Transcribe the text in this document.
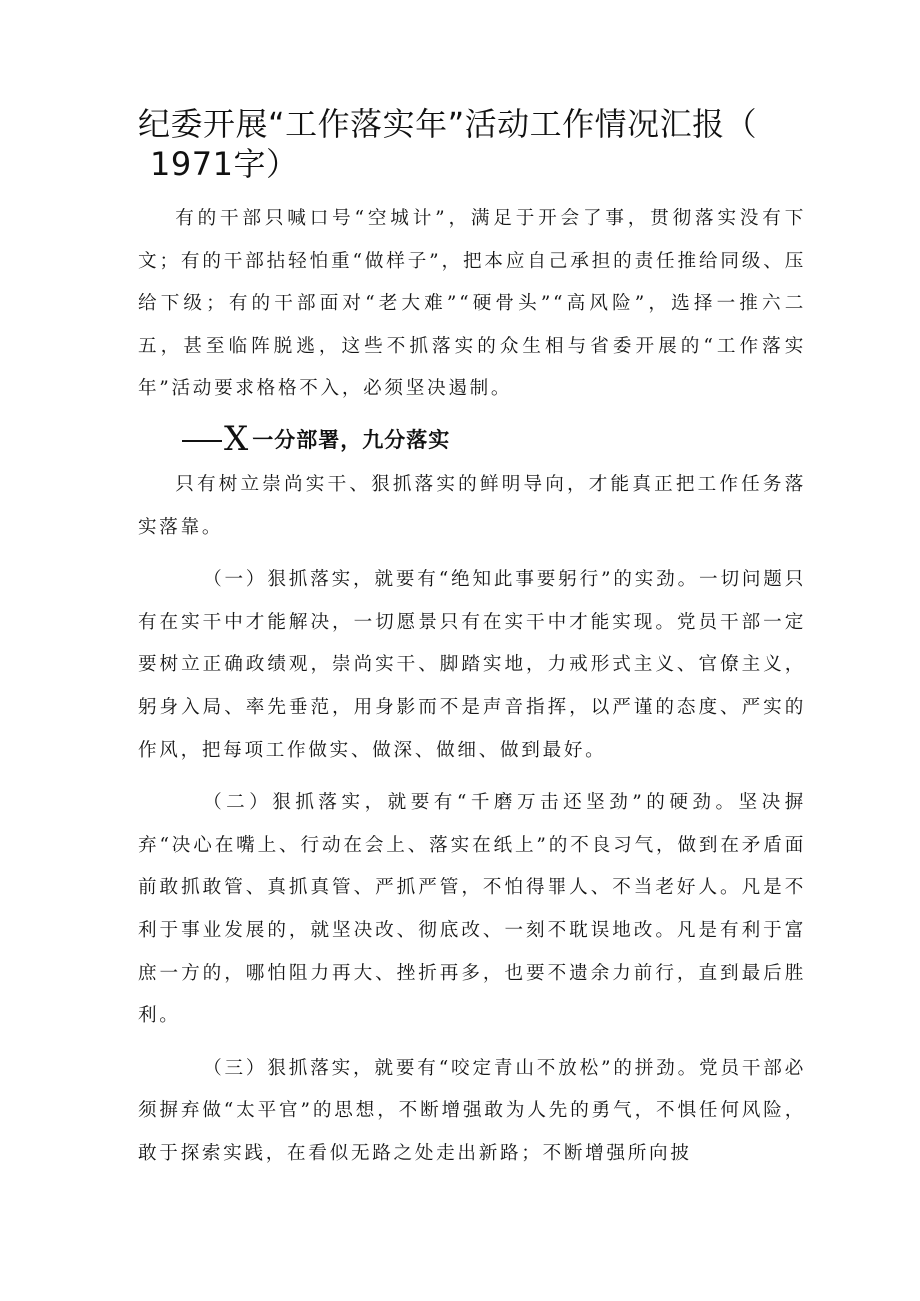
纪委开展“工作落实年”活动工作情况汇报（
1971字）

有的干部只喊口号“空城计”，满足于开会了事，贯彻落实没有下文；有的干部拈轻怕重“做样子”，把本应自己承担的责任推给同级、压给下级；有的干部面对“老大难”“硬骨头”“高风险”，选择一推六二五，甚至临阵脱逃，这些不抓落实的众生相与省委开展的“工作落实年”活动要求格格不入，必须坚决遏制。

X一分部署，九分落实

只有树立崇尚实干、狠抓落实的鲜明导向，才能真正把工作任务落实落靠。

（一）狠抓落实，就要有“绝知此事要躬行”的实劲。一切问题只有在实干中才能解决，一切愿景只有在实干中才能实现。党员干部一定要树立正确政绩观，崇尚实干、脚踏实地，力戒形式主义、官僚主义，躬身入局、率先垂范，用身影而不是声音指挥，以严谨的态度、严实的作风，把每项工作做实、做深、做细、做到最好。

（二）狠抓落实，就要有“千磨万击还坚劲”的硬劲。坚决摒弃“决心在嘴上、行动在会上、落实在纸上”的不良习气，做到在矛盾面前敢抓敢管、真抓真管、严抓严管，不怕得罪人、不当老好人。凡是不利于事业发展的，就坚决改、彻底改、一刻不耽误地改。凡是有利于富庶一方的，哪怕阻力再大、挫折再多，也要不遗余力前行，直到最后胜利。

（三）狠抓落实，就要有“咬定青山不放松”的拼劲。党员干部必须摒弃做“太平官”的思想，不断增强敢为人先的勇气，不惧任何风险，敢于探索实践，在看似无路之处走出新路；不断增强所向披
